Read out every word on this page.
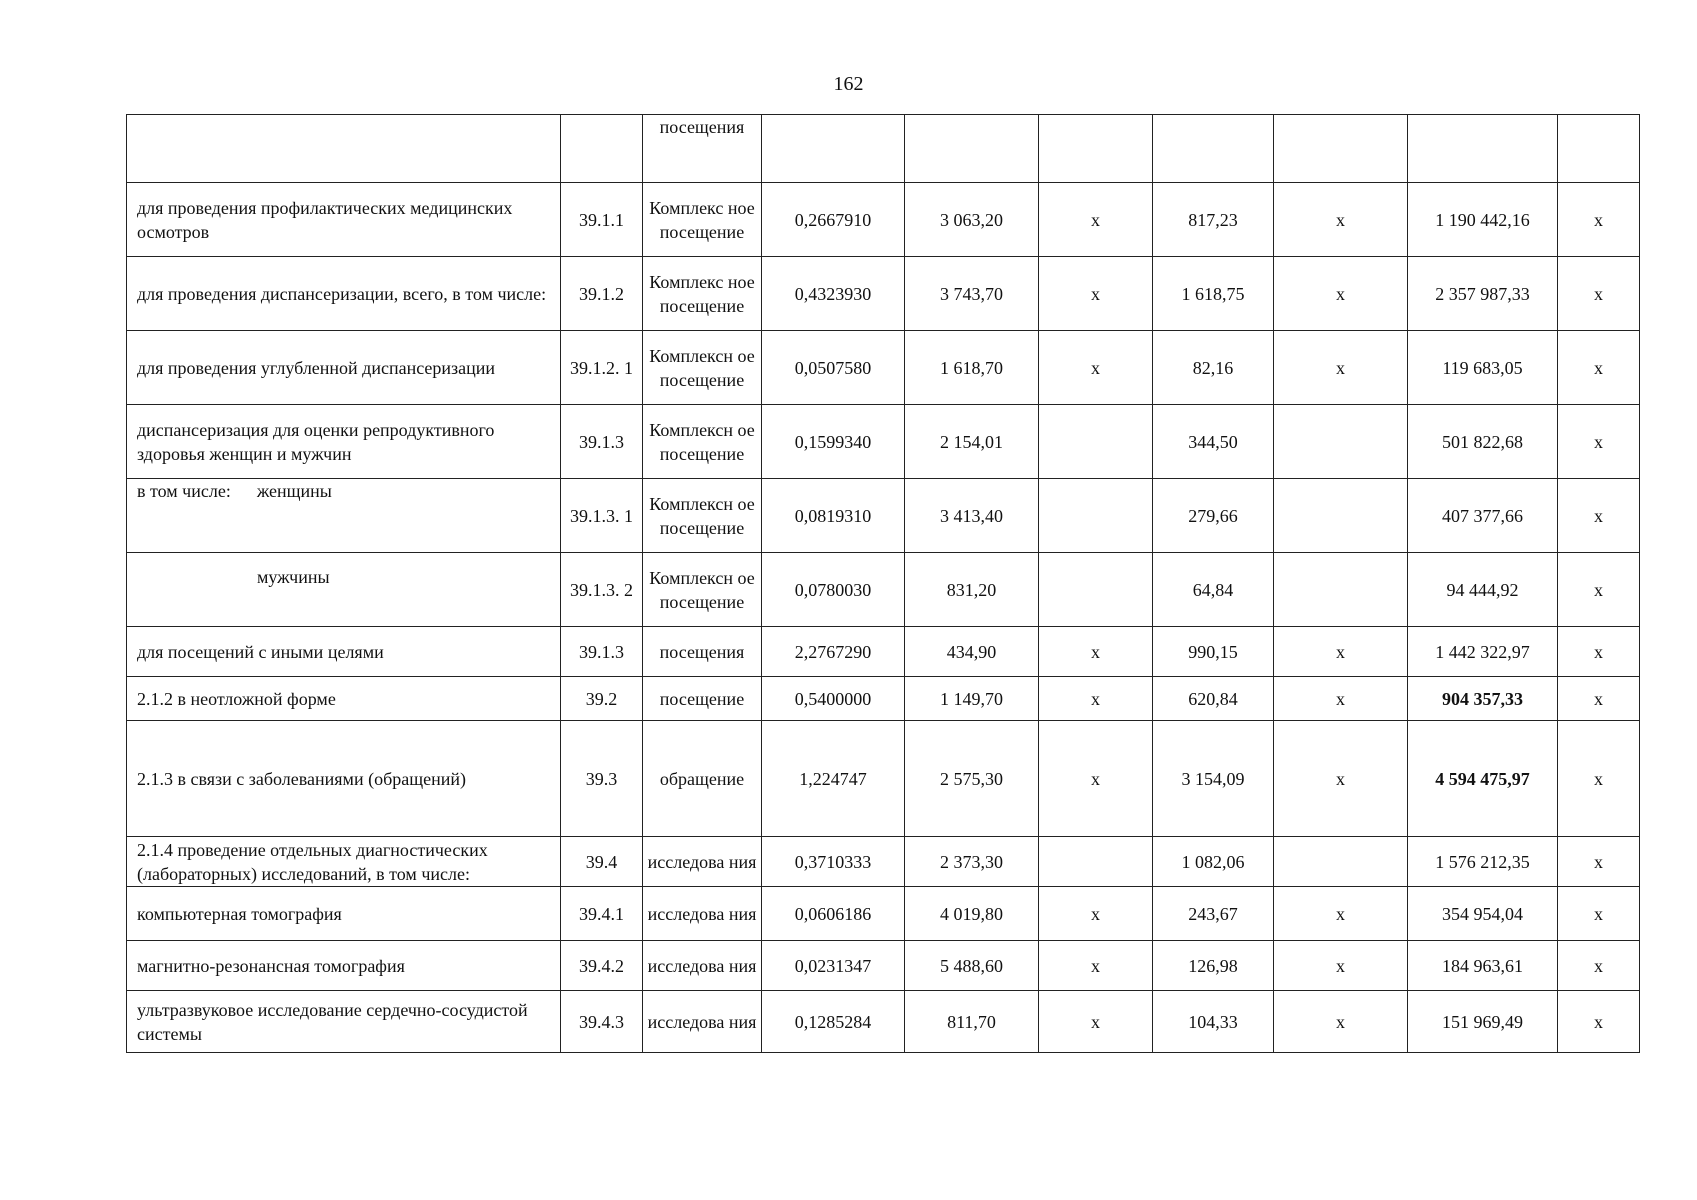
162
		посещения							
для проведения профилактических медицинских осмотров	39.1.1	Комплекс ное посещение	0,2667910	3 063,20	х	817,23	х	1 190 442,16	х
для проведения диспансеризации, всего, в том числе:	39.1.2	Комплекс ное посещение	0,4323930	3 743,70	х	1 618,75	х	2 357 987,33	х
для проведения углубленной диспансеризации	39.1.2. 1	Комплексн ое посещение	0,0507580	1 618,70	х	82,16	х	119 683,05	х
диспансеризация для оценки репродуктивного здоровья женщин и мужчин	39.1.3	Комплексн ое посещение	0,1599340	2 154,01		344,50		501 822,68	х
в том числе: женщины	39.1.3. 1	Комплексн ое посещение	0,0819310	3 413,40		279,66		407 377,66	х
мужчины	39.1.3. 2	Комплексн ое посещение	0,0780030	831,20		64,84		94 444,92	х
для посещений с иными целями	39.1.3	посещения	2,2767290	434,90	х	990,15	х	1 442 322,97	х
2.1.2 в неотложной форме	39.2	посещение	0,5400000	1 149,70	х	620,84	х	904 357,33	х
2.1.3 в связи с заболеваниями (обращений)	39.3	обращение	1,224747	2 575,30	х	3 154,09	х	4 594 475,97	х
2.1.4 проведение отдельных диагностических (лабораторных) исследований, в том числе:	39.4	исследова ния	0,3710333	2 373,30		1 082,06		1 576 212,35	х
компьютерная томография	39.4.1	исследова ния	0,0606186	4 019,80	х	243,67	х	354 954,04	х
магнитно-резонансная томография	39.4.2	исследова ния	0,0231347	5 488,60	х	126,98	х	184 963,61	х
ультразвуковое исследование сердечно-сосудистой системы	39.4.3	исследова ния	0,1285284	811,70	х	104,33	х	151 969,49	х
